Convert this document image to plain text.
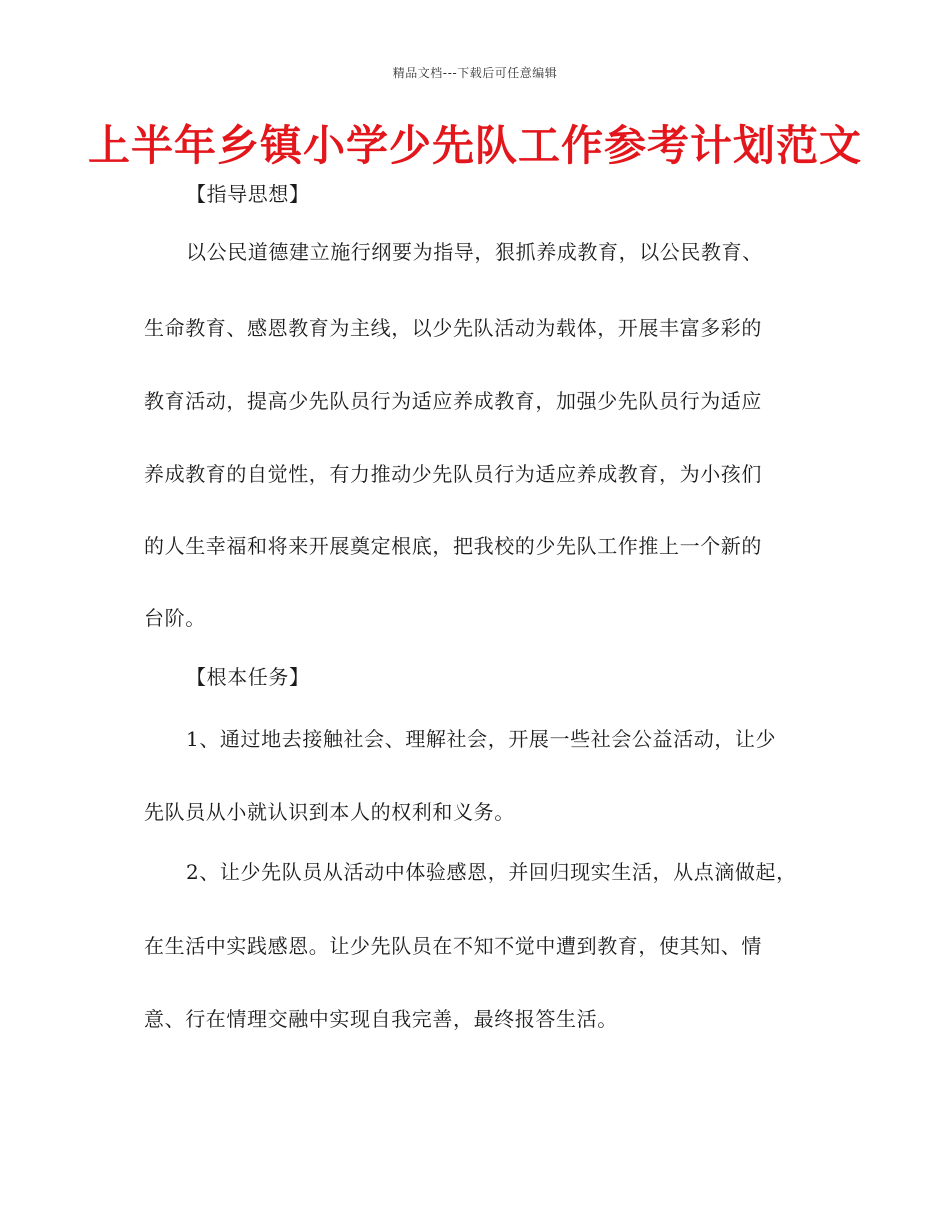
精品文档---下载后可任意编辑
上半年乡镇小学少先队工作参考计划范文
【指导思想】
以公民道德建立施行纲要为指导，狠抓养成教育，以公民教育、
生命教育、感恩教育为主线，以少先队活动为载体，开展丰富多彩的
教育活动，提高少先队员行为适应养成教育，加强少先队员行为适应
养成教育的自觉性，有力推动少先队员行为适应养成教育，为小孩们
的人生幸福和将来开展奠定根底，把我校的少先队工作推上一个新的
台阶。
【根本任务】
1、通过地去接触社会、理解社会，开展一些社会公益活动，让少
先队员从小就认识到本人的权利和义务。
2、让少先队员从活动中体验感恩，并回归现实生活，从点滴做起，
在生活中实践感恩。让少先队员在不知不觉中遭到教育，使其知、情
意、行在情理交融中实现自我完善，最终报答生活。
